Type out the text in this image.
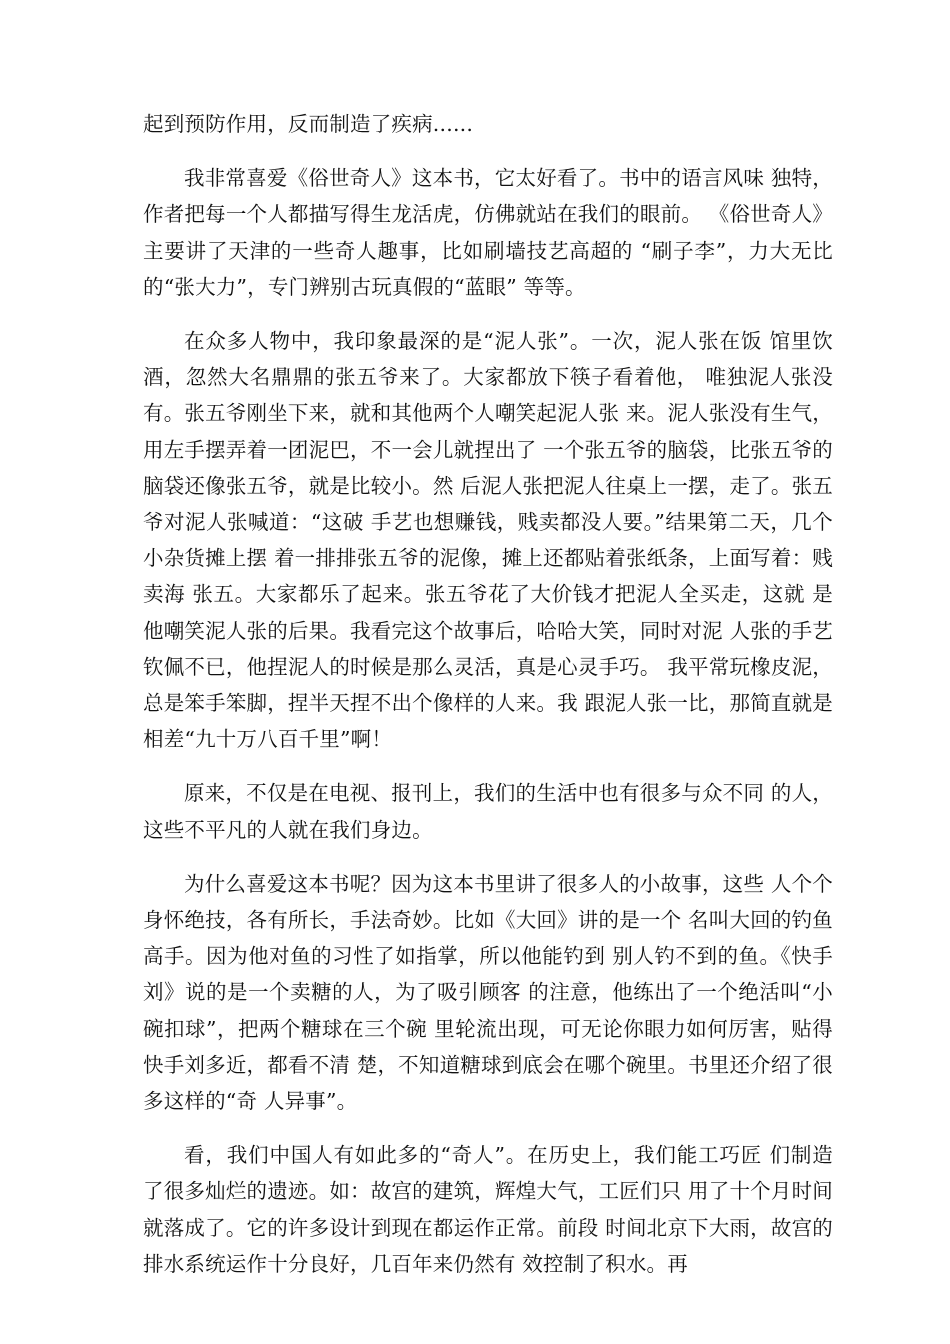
起到预防作用，反而制造了疾病......

我非常喜爱《俗世奇人》这本书，它太好看了。书中的语言风味 独特，作者把每一个人都描写得生龙活虎，仿佛就站在我们的眼前。 《俗世奇人》主要讲了天津的一些奇人趣事，比如刷墙技艺高超的 “刷子李”，力大无比的“张大力”，专门辨别古玩真假的“蓝眼” 等等。

在众多人物中，我印象最深的是“泥人张”。一次，泥人张在饭 馆里饮酒，忽然大名鼎鼎的张五爷来了。大家都放下筷子看着他， 唯独泥人张没有。张五爷刚坐下来，就和其他两个人嘲笑起泥人张 来。泥人张没有生气，用左手摆弄着一团泥巴，不一会儿就捏出了 一个张五爷的脑袋，比张五爷的脑袋还像张五爷，就是比较小。然 后泥人张把泥人往桌上一摆，走了。张五爷对泥人张喊道：“这破 手艺也想赚钱，贱卖都没人要。”结果第二天，几个小杂货摊上摆 着一排排张五爷的泥像，摊上还都贴着张纸条，上面写着：贱卖海 张五。大家都乐了起来。张五爷花了大价钱才把泥人全买走，这就 是他嘲笑泥人张的后果。我看完这个故事后，哈哈大笑，同时对泥 人张的手艺钦佩不已，他捏泥人的时候是那么灵活，真是心灵手巧。 我平常玩橡皮泥，总是笨手笨脚，捏半天捏不出个像样的人来。我 跟泥人张一比，那简直就是相差“九十万八百千里”啊！

原来，不仅是在电视、报刊上，我们的生活中也有很多与众不同 的人，这些不平凡的人就在我们身边。

为什么喜爱这本书呢？因为这本书里讲了很多人的小故事，这些 人个个身怀绝技，各有所长，手法奇妙。比如《大回》讲的是一个 名叫大回的钓鱼高手。因为他对鱼的习性了如指掌，所以他能钓到 别人钓不到的鱼。《快手刘》说的是一个卖糖的人，为了吸引顾客 的注意，他练出了一个绝活叫“小碗扣球”，把两个糖球在三个碗 里轮流出现，可无论你眼力如何厉害，贴得快手刘多近，都看不清 楚，不知道糖球到底会在哪个碗里。书里还介绍了很多这样的“奇 人异事”。

看，我们中国人有如此多的“奇人”。在历史上，我们能工巧匠 们制造了很多灿烂的遗迹。如：故宫的建筑，辉煌大气，工匠们只 用了十个月时间就落成了。它的许多设计到现在都运作正常。前段 时间北京下大雨，故宫的排水系统运作十分良好，几百年来仍然有 效控制了积水。再
